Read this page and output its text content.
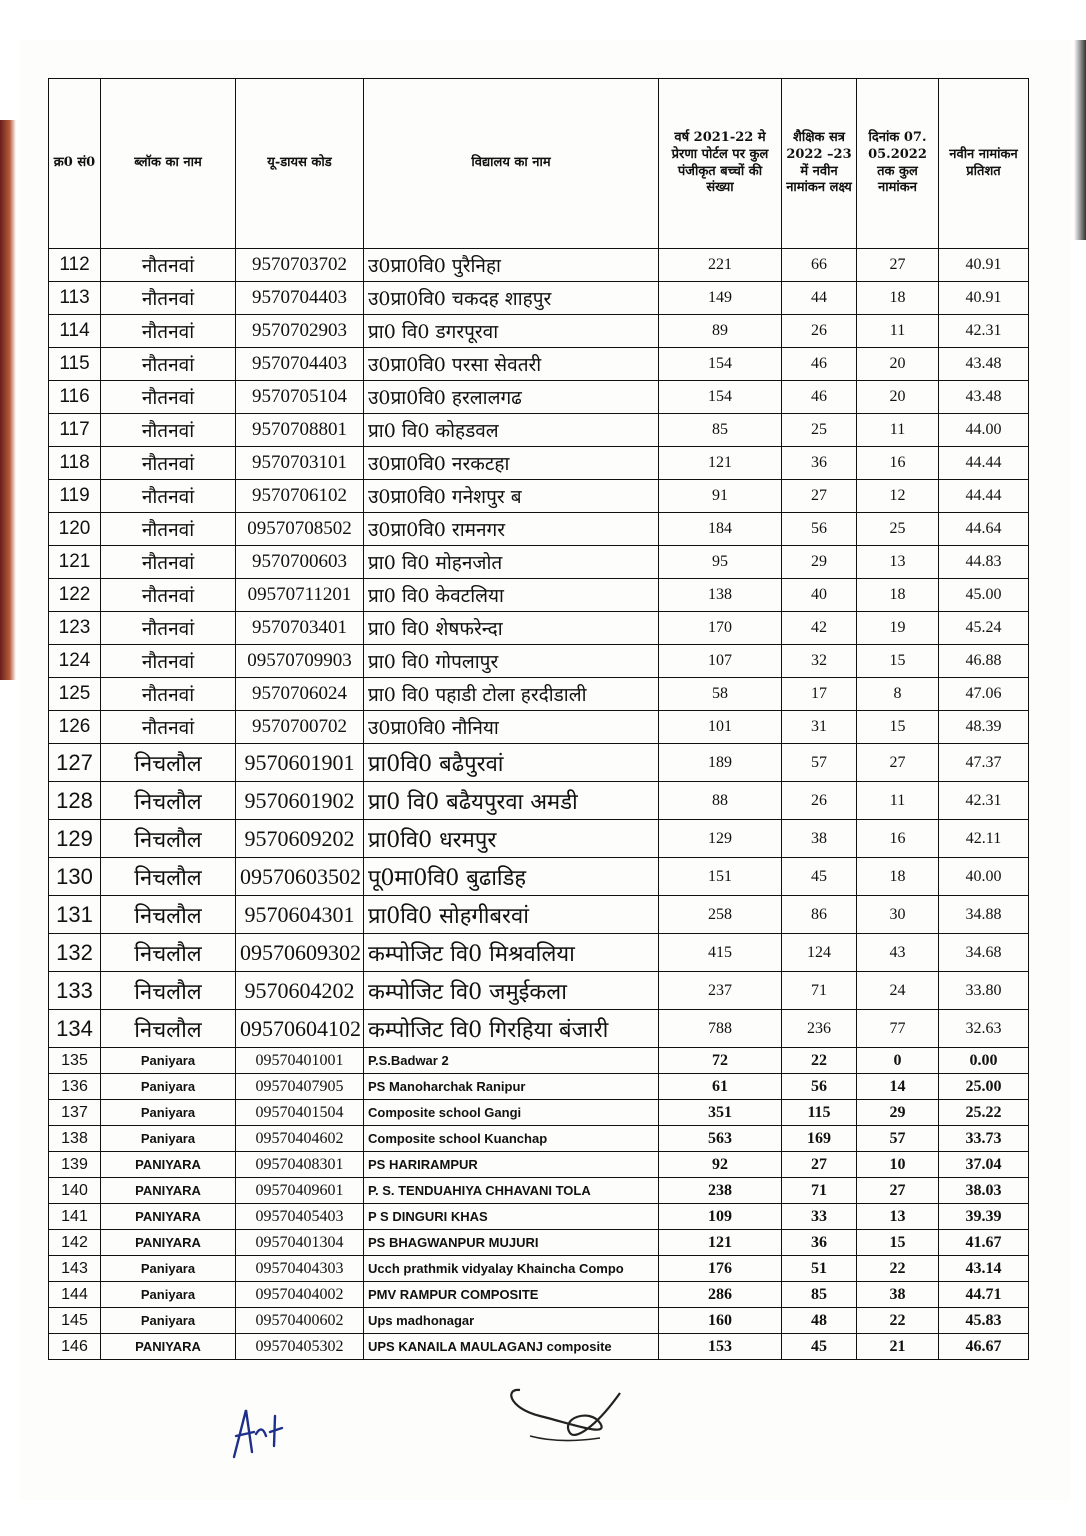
क्र0 सं0	ब्लॉक का नाम	यू-डायस कोड	विद्यालय का नाम	वर्ष 2021-22 मे प्रेरणा पोर्टल पर कुल पंजीकृत बच्चों की संख्या	शैक्षिक सत्र 2022 –23 में नवीन नामांकन लक्ष्य	दिनांक 07. 05.2022 तक कुल नामांकन	नवीन नामांकन प्रतिशत
112	नौतनवां	9570703702	उ0प्रा0वि0 पुरैनिहा	221	66	27	40.91
113	नौतनवां	9570704403	उ0प्रा0वि0 चकदह शाहपुर	149	44	18	40.91
114	नौतनवां	9570702903	प्रा0 वि0 डगरपूरवा	89	26	11	42.31
115	नौतनवां	9570704403	उ0प्रा0वि0 परसा सेवतरी	154	46	20	43.48
116	नौतनवां	9570705104	उ0प्रा0वि0 हरलालगढ	154	46	20	43.48
117	नौतनवां	9570708801	प्रा0 वि0 कोहडवल	85	25	11	44.00
118	नौतनवां	9570703101	उ0प्रा0वि0 नरकटहा	121	36	16	44.44
119	नौतनवां	9570706102	उ0प्रा0वि0 गनेशपुर ब	91	27	12	44.44
120	नौतनवां	09570708502	उ0प्रा0वि0 रामनगर	184	56	25	44.64
121	नौतनवां	9570700603	प्रा0 वि0 मोहनजोत	95	29	13	44.83
122	नौतनवां	09570711201	प्रा0 वि0 केवटलिया	138	40	18	45.00
123	नौतनवां	9570703401	प्रा0 वि0 शेषफरेन्दा	170	42	19	45.24
124	नौतनवां	09570709903	प्रा0 वि0 गोपलापुर	107	32	15	46.88
125	नौतनवां	9570706024	प्रा0 वि0 पहाडी टोला हरदीडाली	58	17	8	47.06
126	नौतनवां	9570700702	उ0प्रा0वि0 नौनिया	101	31	15	48.39
127	निचलौल	9570601901	प्रा0वि0 बढैपुरवां	189	57	27	47.37
128	निचलौल	9570601902	प्रा0 वि0 बढैयपुरवा अमडी	88	26	11	42.31
129	निचलौल	9570609202	प्रा0वि0 धरमपुर	129	38	16	42.11
130	निचलौल	09570603502	पू0मा0वि0 बुढाडिह	151	45	18	40.00
131	निचलौल	9570604301	प्रा0वि0 सोहगीबरवां	258	86	30	34.88
132	निचलौल	09570609302	कम्पोजिट वि0 मिश्रवलिया	415	124	43	34.68
133	निचलौल	9570604202	कम्पोजिट वि0 जमुईकला	237	71	24	33.80
134	निचलौल	09570604102	कम्पोजिट वि0 गिरहिया बंजारी	788	236	77	32.63
135	Paniyara	09570401001	P.S.Badwar 2	72	22	0	0.00
136	Paniyara	09570407905	PS Manoharchak Ranipur	61	56	14	25.00
137	Paniyara	09570401504	Composite school Gangi	351	115	29	25.22
138	Paniyara	09570404602	Composite school Kuanchap	563	169	57	33.73
139	PANIYARA	09570408301	PS HARIRAMPUR	92	27	10	37.04
140	PANIYARA	09570409601	P. S. TENDUAHIYA CHHAVANI TOLA	238	71	27	38.03
141	PANIYARA	09570405403	P S DINGURI KHAS	109	33	13	39.39
142	PANIYARA	09570401304	PS BHAGWANPUR MUJURI	121	36	15	41.67
143	Paniyara	09570404303	Ucch prathmik vidyalay Khaincha Compo	176	51	22	43.14
144	Paniyara	09570404002	PMV RAMPUR COMPOSITE	286	85	38	44.71
145	Paniyara	09570400602	Ups madhonagar	160	48	22	45.83
146	PANIYARA	09570405302	UPS KANAILA MAULAGANJ composite	153	45	21	46.67
